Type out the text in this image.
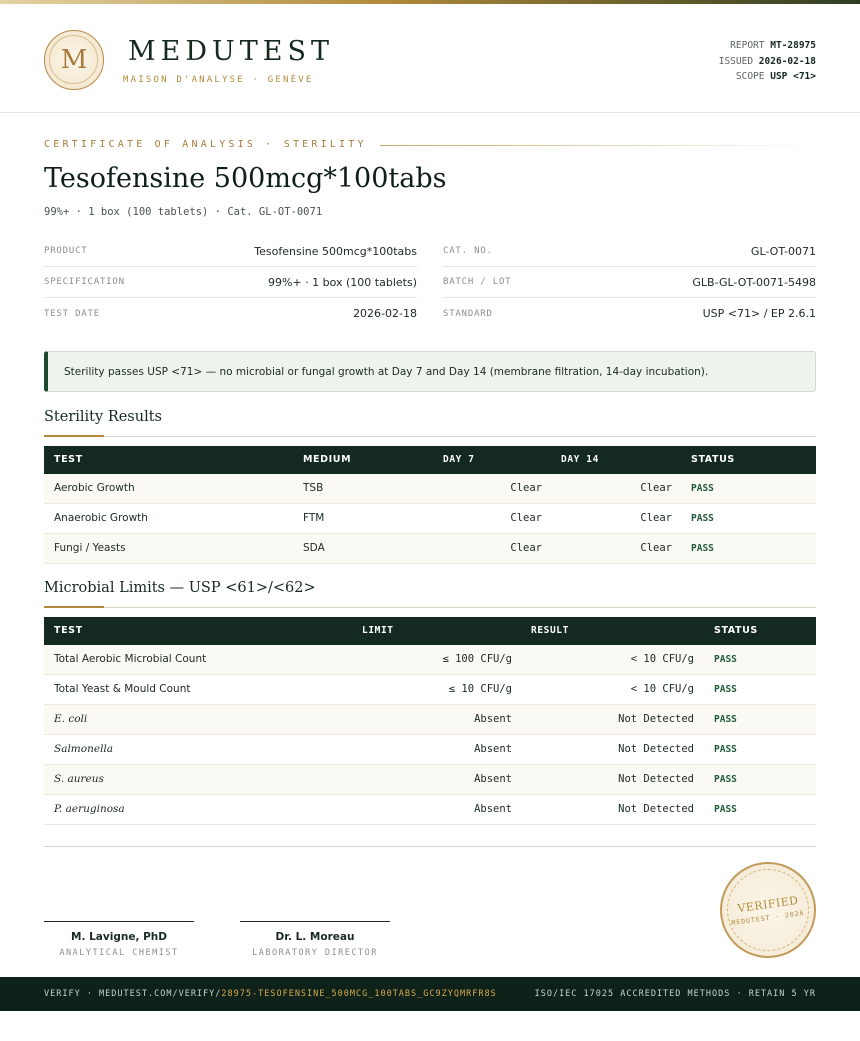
M MEDUTEST
MAISON D'ANALYSE · GENÈVE
REPORT MT-28975
ISSUED 2026-02-18
SCOPE USP <71>
CERTIFICATE OF ANALYSIS · STERILITY
Tesofensine 500mcg*100tabs
99%+ · 1 box (100 tablets) · Cat. GL-OT-0071
PRODUCT	Tesofensine 500mcg*100tabs
SPECIFICATION	99%+ · 1 box (100 tablets)
TEST DATE	2026-02-18
CAT. NO.	GL-OT-0071
BATCH / LOT	GLB-GL-OT-0071-5498
STANDARD	USP <71> / EP 2.6.1
Sterility passes USP <71> — no microbial or fungal growth at Day 7 and Day 14 (membrane filtration, 14-day incubation).
Sterility Results
TEST	MEDIUM	DAY 7	DAY 14	STATUS
Aerobic Growth	TSB	Clear	Clear PASS
Anaerobic Growth	FTM	Clear	Clear PASS
Fungi / Yeasts	SDA	Clear	Clear PASS
Microbial Limits — USP <61>/<62>
TEST	LIMIT	RESULT	STATUS
Total Aerobic Microbial Count	≤ 100 CFU/g	< 10 CFU/g PASS
Total Yeast & Mould Count	≤ 10 CFU/g	< 10 CFU/g PASS
E. coli	Absent	Not Detected PASS
Salmonella	Absent	Not Detected PASS
S. aureus	Absent	Not Detected PASS
P. aeruginosa	Absent	Not Detected PASS
M. Lavigne, PhD
ANALYTICAL CHEMIST
Dr. L. Moreau
LABORATORY DIRECTOR
VERIFIED
MEDUTEST · 2026
VERIFY · MEDUTEST.COM/VERIFY/28975-TESOFENSINE_500MCG_100TABS_GC9ZYQMRFR8S	ISO/IEC 17025 ACCREDITED METHODS · RETAIN 5 YR
